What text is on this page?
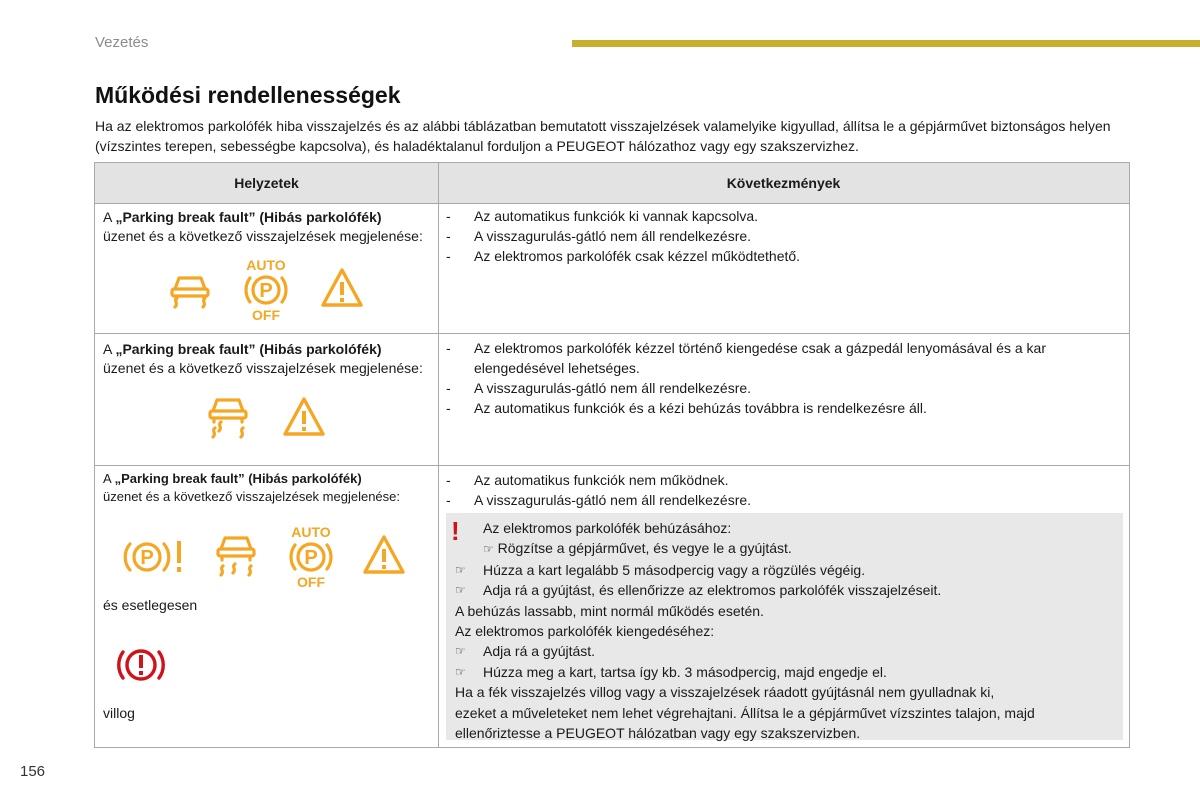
Vezetés
Működési rendellenességek
Ha az elektromos parkolófék hiba visszajelzés és az alábbi táblázatban bemutatott visszajelzések valamelyike kigyullad, állítsa le a gépjárművet biztonságos helyen (vízszintes terepen, sebességbe kapcsolva), és haladéktalanul forduljon a PEUGEOT hálózathoz vagy egy szakszervizhez.
Helyzetek	Következmények
A „Parking break fault” (Hibás parkolófék)
üzenet és a következő visszajelzések megjelenése:
AUTO
P
OFF
- Az automatikus funkciók ki vannak kapcsolva.
- A visszagurulás-gátló nem áll rendelkezésre.
- Az elektromos parkolófék csak kézzel működtethető.
A „Parking break fault” (Hibás parkolófék)
üzenet és a következő visszajelzések megjelenése:
- Az elektromos parkolófék kézzel történő kiengedése csak a gázpedál lenyomásával és a kar elengedésével lehetséges.
- A visszagurulás-gátló nem áll rendelkezésre.
- Az automatikus funkciók és a kézi behúzás továbbra is rendelkezésre áll.
A „Parking break fault” (Hibás parkolófék)
üzenet és a következő visszajelzések megjelenése:
P
AUTO
P
OFF
és esetlegesen
villog
- Az automatikus funkciók nem működnek.
- A visszagurulás-gátló nem áll rendelkezésre.
!	Az elektromos parkolófék behúzásához:
☞ Rögzítse a gépjárművet, és vegye le a gyújtást.
☞ Húzza a kart legalább 5 másodpercig vagy a rögzülés végéig.
☞ Adja rá a gyújtást, és ellenőrizze az elektromos parkolófék visszajelzéseit.
A behúzás lassabb, mint normál működés esetén.
Az elektromos parkolófék kiengedéséhez:
☞ Adja rá a gyújtást.
☞ Húzza meg a kart, tartsa így kb. 3 másodpercig, majd engedje el.
Ha a fék visszajelzés villog vagy a visszajelzések ráadott gyújtásnál nem gyulladnak ki,
ezeket a műveleteket nem lehet végrehajtani. Állítsa le a gépjárművet vízszintes talajon, majd
ellenőriztesse a PEUGEOT hálózatban vagy egy szakszervizben.
156
